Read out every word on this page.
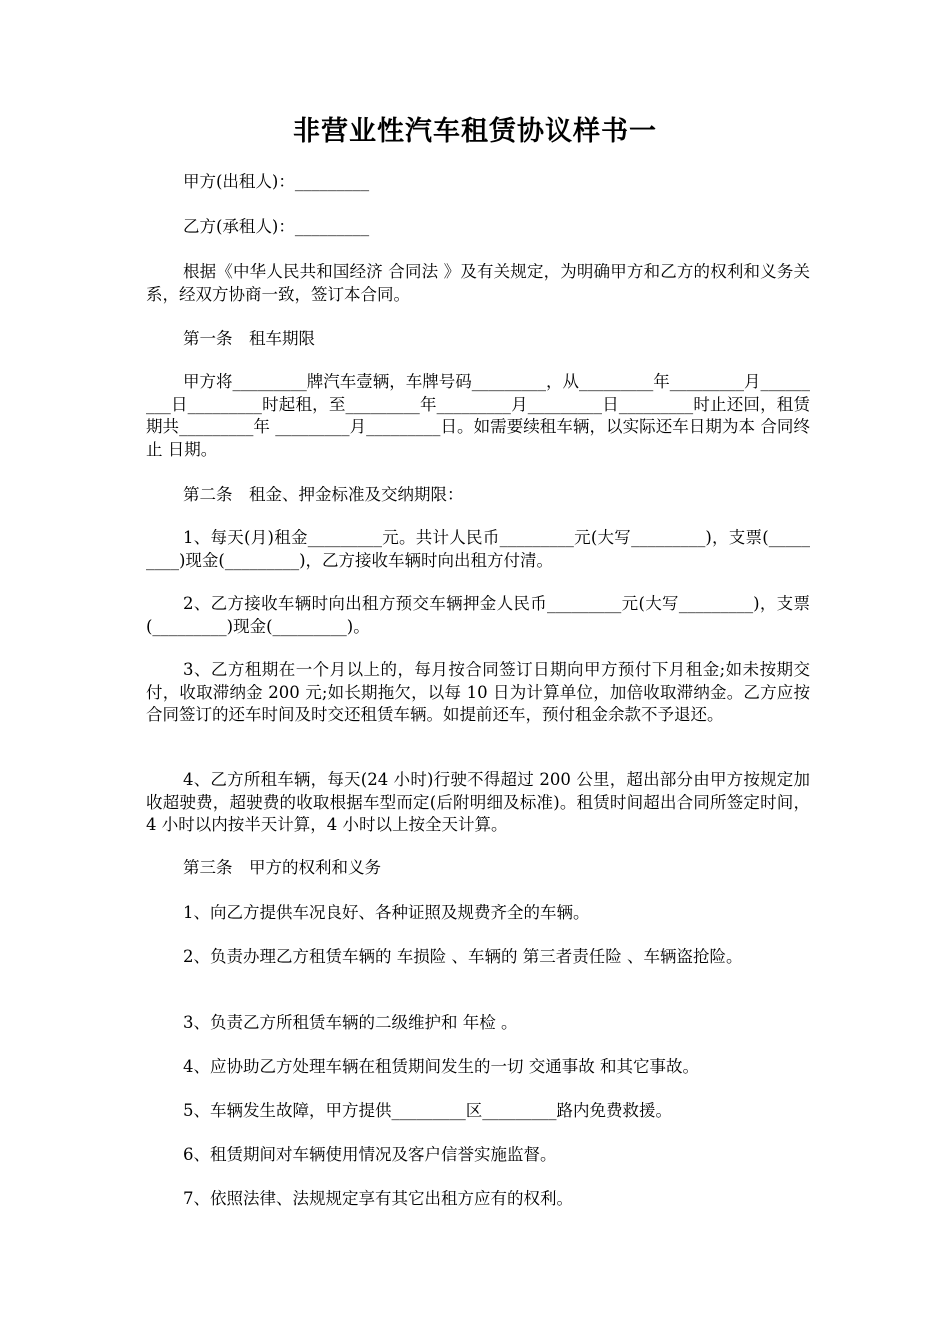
非营业性汽车租赁协议样书一

甲方(出租人)：_________

乙方(承租人)：_________

根据《中华人民共和国经济 合同法 》及有关规定，为明确甲方和乙方的权利和义务关系，经双方协商一致，签订本合同。

第一条　租车期限

甲方将_________牌汽车壹辆，车牌号码_________，从_________年_________月_________日_________时起租，至_________年_________月_________日_________时止还回，租赁期共_________年 _________月_________日。如需要续租车辆，以实际还车日期为本 合同终止 日期。

第二条　租金、押金标准及交纳期限：

1、每天(月)租金_________元。共计人民币_________元(大写_________)，支票(_________)现金(_________)，乙方接收车辆时向出租方付清。

2、乙方接收车辆时向出租方预交车辆押金人民币_________元(大写_________)，支票(_________)现金(_________)。

3、乙方租期在一个月以上的，每月按合同签订日期向甲方预付下月租金;如未按期交付，收取滞纳金 200 元;如长期拖欠，以每 10 日为计算单位，加倍收取滞纳金。乙方应按合同签订的还车时间及时交还租赁车辆。如提前还车，预付租金余款不予退还。

4、乙方所租车辆，每天(24 小时)行驶不得超过 200 公里，超出部分由甲方按规定加收超驶费，超驶费的收取根据车型而定(后附明细及标准)。租赁时间超出合同所签定时间，4 小时以内按半天计算，4 小时以上按全天计算。

第三条　甲方的权利和义务

1、向乙方提供车况良好、各种证照及规费齐全的车辆。

2、负责办理乙方租赁车辆的 车损险 、车辆的 第三者责任险 、车辆盗抢险。

3、负责乙方所租赁车辆的二级维护和 年检 。

4、应协助乙方处理车辆在租赁期间发生的一切 交通事故 和其它事故。

5、车辆发生故障，甲方提供_________区_________路内免费救援。

6、租赁期间对车辆使用情况及客户信誉实施监督。

7、依照法律、法规规定享有其它出租方应有的权利。
